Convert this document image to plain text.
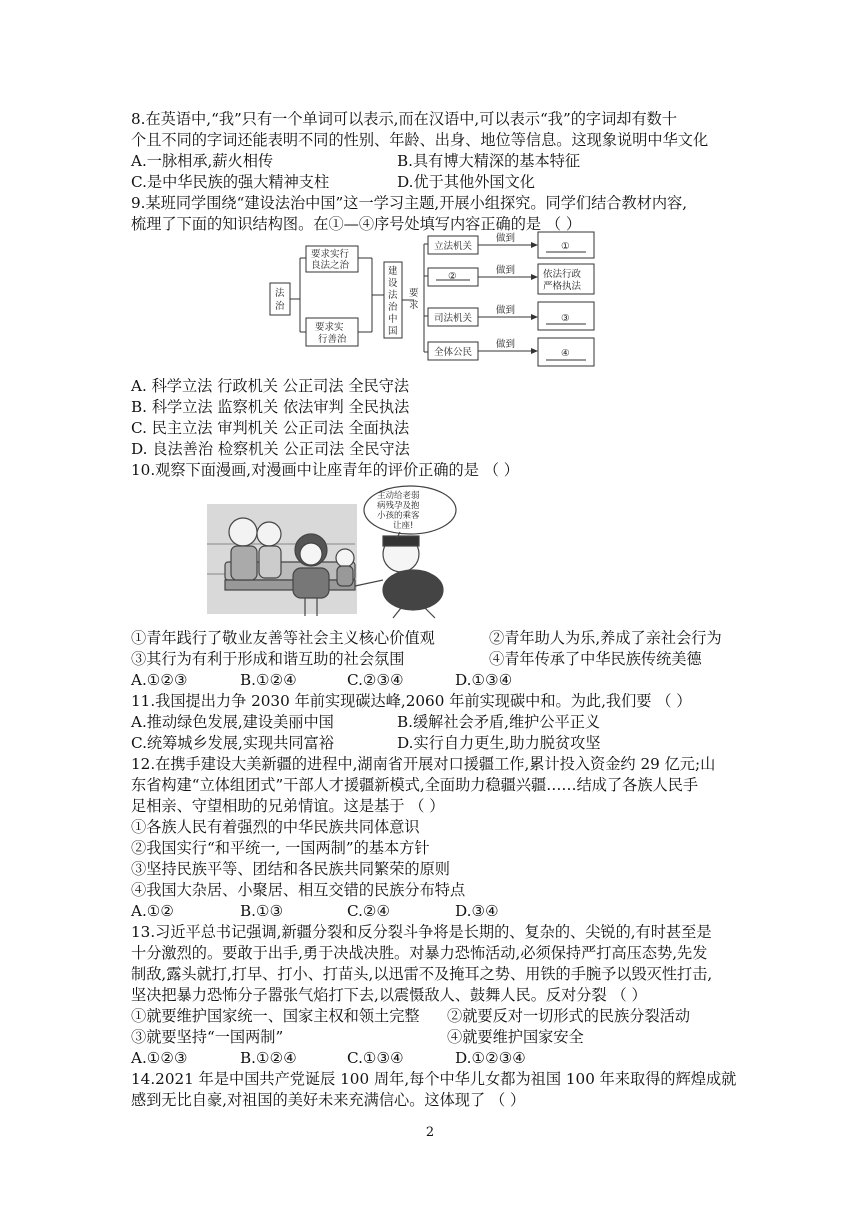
8.在英语中,“我”只有一个单词可以表示,而在汉语中,可以表示“我”的字词却有数十
个且不同的字词还能表明不同的性别、年龄、出身、地位等信息。这现象说明中华文化
A.一脉相承,薪火相传	B.具有博大精深的基本特征
C.是中华民族的强大精神支柱	D.优于其他外国文化
9.某班同学围绕“建设法治中国”这一学习主题,开展小组探究。同学们结合教材内容,
梳理了下面的知识结构图。在①—④序号处填写内容正确的是 （ ）
法
治
要求实行
良法之治
要求实
行善治
建
设
法
治
中
国
要
求
立法机关
②
司法机关
全体公民
做到
做到
做到
做到
①
依法行政
严格执法
③
④
A. 科学立法 行政机关 公正司法 全民守法
B. 科学立法 监察机关 依法审判 全民执法
C. 民主立法 审判机关 公正司法 全面执法
D. 良法善治 检察机关 公正司法 全民守法
10.观察下面漫画,对漫画中让座青年的评价正确的是 （ ）
主动给老弱
病残孕及抱
小孩的乘客
让座!
①青年践行了敬业友善等社会主义核心价值观	②青年助人为乐,养成了亲社会行为
③其行为有利于形成和谐互助的社会氛围	④青年传承了中华民族传统美德
A.①②③	B.①②④	C.②③④	D.①③④
11.我国提出力争 2030 年前实现碳达峰,2060 年前实现碳中和。为此,我们要 （ ）
A.推动绿色发展,建设美丽中国	B.缓解社会矛盾,维护公平正义
C.统筹城乡发展,实现共同富裕	D.实行自力更生,助力脱贫攻坚
12.在携手建设大美新疆的进程中,湖南省开展对口援疆工作,累计投入资金约 29 亿元;山
东省构建“立体组团式”干部人才援疆新模式,全面助力稳疆兴疆……结成了各族人民手
足相亲、守望相助的兄弟情谊。这是基于 （ ）
①各族人民有着强烈的中华民族共同体意识
②我国实行“和平统一, 一国两制”的基本方针
③坚持民族平等、团结和各民族共同繁荣的原则
④我国大杂居、小聚居、相互交错的民族分布特点
A.①②	B.①③	C.②④	D.③④
13.习近平总书记强调,新疆分裂和反分裂斗争将是长期的、复杂的、尖锐的,有时甚至是
十分激烈的。要敢于出手,勇于决战决胜。对暴力恐怖活动,必须保持严打高压态势,先发
制敌,露头就打,打早、打小、打苗头,以迅雷不及掩耳之势、用铁的手腕予以毁灭性打击,
坚决把暴力恐怖分子嚣张气焰打下去,以震慑敌人、鼓舞人民。反对分裂 （ ）
①就要维护国家统一、国家主权和领土完整 ②就要反对一切形式的民族分裂活动
③就要坚持“一国两制”	④就要维护国家安全
A.①②③	B.①②④	C.①③④	D.①②③④
14.2021 年是中国共产党诞辰 100 周年,每个中华儿女都为祖国 100 年来取得的辉煌成就
感到无比自豪,对祖国的美好未来充满信心。这体现了 （ ）
2
